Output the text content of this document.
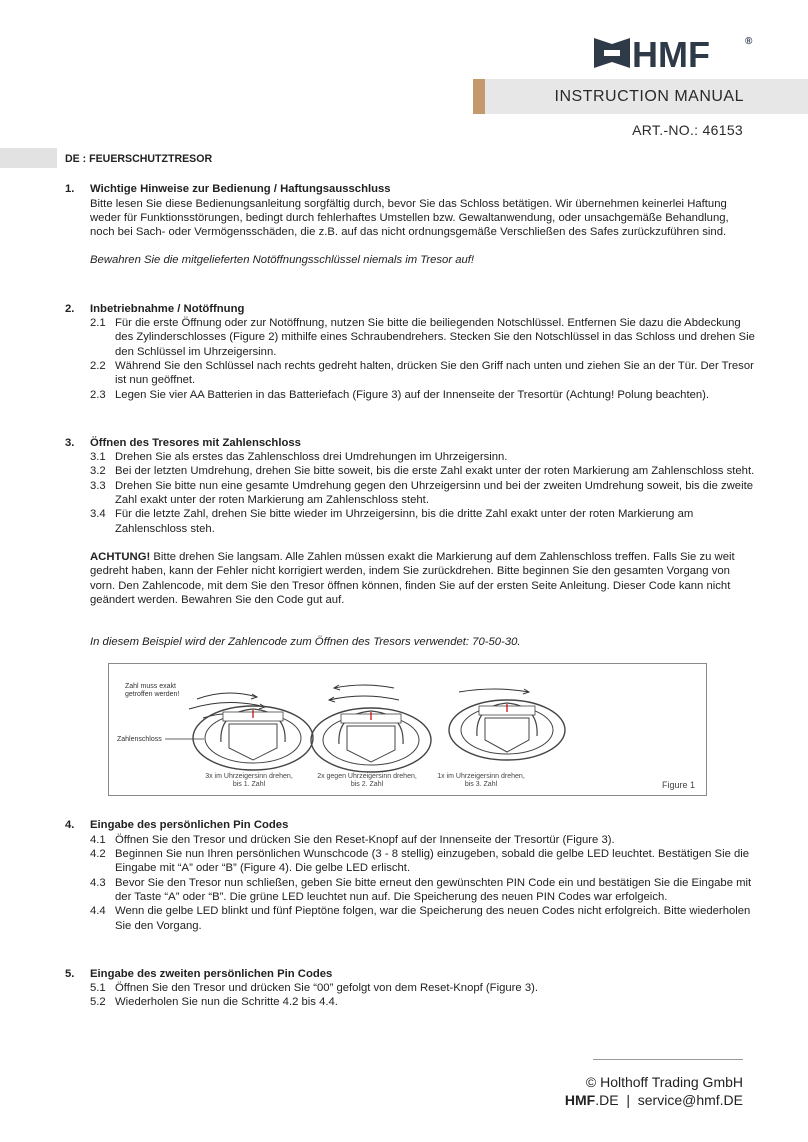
HMF	®
INSTRUCTION MANUAL
ART.-NO.: 46153
DE : FEUERSCHUTZTRESOR
1.	Wichtige Hinweise zur Bedienung / Haftungsausschluss

Bitte lesen Sie diese Bedienungsanleitung sorgfältig durch, bevor Sie das Schloss betätigen. Wir übernehmen keinerlei Haftung weder für Funktionsstörungen, bedingt durch fehlerhaftes Umstellen bzw. Gewaltanwendung, oder unsachgemäße Behandlung, noch bei Sach- oder Vermögensschäden, die z.B. auf das nicht ordnungsgemäße Verschließen des Safes zurückzuführen sind.

Bewahren Sie die mitgelieferten Notöffnungsschlüssel niemals im Tresor auf!

2.	Inbetriebnahme / Notöffnung
2.1 Für die erste Öffnung oder zur Notöffnung, nutzen Sie bitte die beiliegenden Notschlüssel. Entfernen Sie dazu die Abdeckung des Zylinderschlosses (Figure 2) mithilfe eines Schraubendrehers. Stecken Sie den Notschlüssel in das Schloss und drehen Sie den Schlüssel im Uhrzeigersinn.
2.2 Während Sie den Schlüssel nach rechts gedreht halten, drücken Sie den Griff nach unten und ziehen Sie an der Tür. Der Tresor ist nun geöffnet.
2.3 Legen Sie vier AA Batterien in das Batteriefach (Figure 3) auf der Innenseite der Tresortür (Achtung! Polung beachten).
3.	Öffnen des Tresores mit Zahlenschloss
3.1 Drehen Sie als erstes das Zahlenschloss drei Umdrehungen im Uhrzeigersinn.
3.2 Bei der letzten Umdrehung, drehen Sie bitte soweit, bis die erste Zahl exakt unter der roten Markierung am Zahlenschloss steht.
3.3 Drehen Sie bitte nun eine gesamte Umdrehung gegen den Uhrzeigersinn und bei der zweiten Umdrehung soweit, bis die zweite Zahl exakt unter der roten Markierung am Zahlenschloss steht.
3.4 Für die letzte Zahl, drehen Sie bitte wieder im Uhrzeigersinn, bis die dritte Zahl exakt unter der roten Markierung am Zahlenschloss steh.

ACHTUNG! Bitte drehen Sie langsam. Alle Zahlen müssen exakt die Markierung auf dem Zahlenschloss treffen. Falls Sie zu weit gedreht haben, kann der Fehler nicht korrigiert werden, indem Sie zurückdrehen. Bitte beginnen Sie den gesamten Vorgang von vorn. Den Zahlencode, mit dem Sie den Tresor öffnen können, finden Sie auf der ersten Seite Anleitung. Dieser Code kann nicht geändert werden. Bewahren Sie den Code gut auf.

In diesem Beispiel wird der Zahlencode zum Öffnen des Tresors verwendet: 70-50-30.

Zahl muss exakt
getroffen werden!
Zahlenschloss
3x im Uhrzeigersinn drehen,
bis 1. Zahl
2x gegen Uhrzeigersinn drehen,
bis 2. Zahl
1x im Uhrzeigersinn drehen,
bis 3. Zahl	Figure 1
4.	Eingabe des persönlichen Pin Codes
4.1 Öffnen Sie den Tresor und drücken Sie den Reset-Knopf auf der Innenseite der Tresortür (Figure 3).
4.2 Beginnen Sie nun Ihren persönlichen Wunschcode (3 - 8 stellig) einzugeben, sobald die gelbe LED leuchtet. Bestätigen Sie die Eingabe mit “A” oder “B” (Figure 4). Die gelbe LED erlischt.
4.3 Bevor Sie den Tresor nun schließen, geben Sie bitte erneut den gewünschten PIN Code ein und bestätigen Sie die Eingabe mit der Taste “A” oder “B”. Die grüne LED leuchtet nun auf. Die Speicherung des neuen PIN Codes war erfolgeich.
4.4 Wenn die gelbe LED blinkt und fünf Pieptöne folgen, war die Speicherung des neuen Codes nicht erfolgreich. Bitte wiederholen Sie den Vorgang.
5.	Eingabe des zweiten persönlichen Pin Codes
5.1 Öffnen Sie den Tresor und drücken Sie “00” gefolgt von dem Reset-Knopf (Figure 3).
5.2 Wiederholen Sie nun die Schritte 4.2 bis 4.4.
© Holthoff Trading GmbH
HMF.DE  |  service@hmf.DE
